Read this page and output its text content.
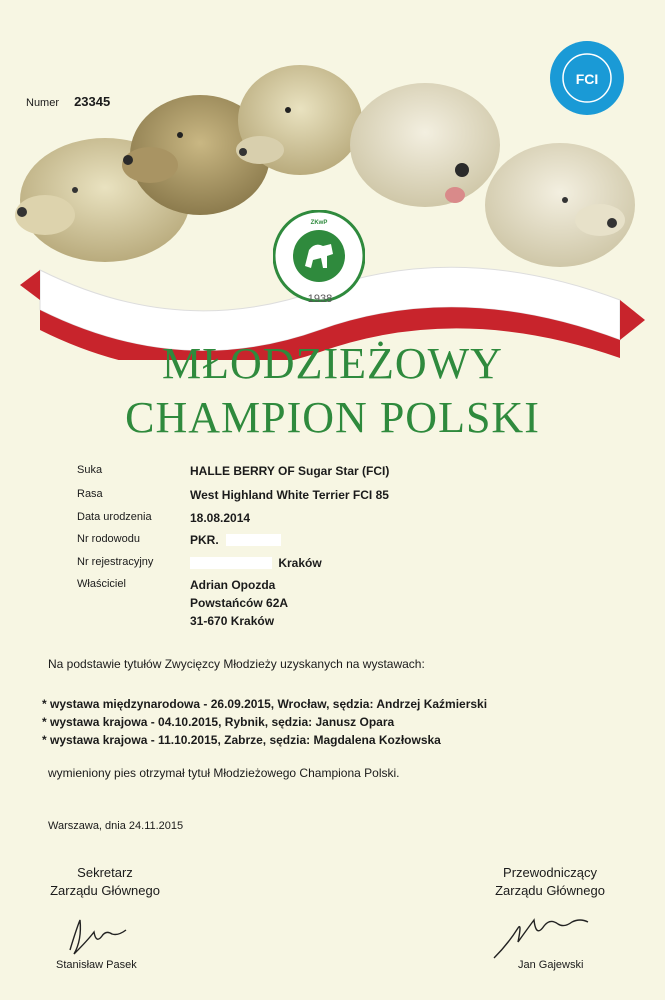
Numer 23345
FCI
ZKwP
1938
MŁODZIEŻOWY
CHAMPION POLSKI
Suka	HALLE BERRY OF Sugar Star (FCI)
Rasa	West Highland White Terrier FCI 85
Data urodzenia	18.08.2014
Nr rodowodu	PKR.
Nr rejestracyjny	Kraków
Właściciel	Adrian Opozda
Powstańców 62A
31-670 Kraków
Na podstawie tytułów Zwycięzcy Młodzieży uzyskanych na wystawach:
* wystawa międzynarodowa - 26.09.2015, Wrocław, sędzia: Andrzej Kaźmierski
* wystawa krajowa - 04.10.2015, Rybnik, sędzia: Janusz Opara
* wystawa krajowa - 11.10.2015, Zabrze, sędzia: Magdalena Kozłowska
wymieniony pies otrzymał tytuł Młodzieżowego Championa Polski.
Warszawa, dnia 24.11.2015
Sekretarz
Zarządu Głównego
Przewodniczący
Zarządu Głównego
Stanisław Pasek	Jan Gajewski
